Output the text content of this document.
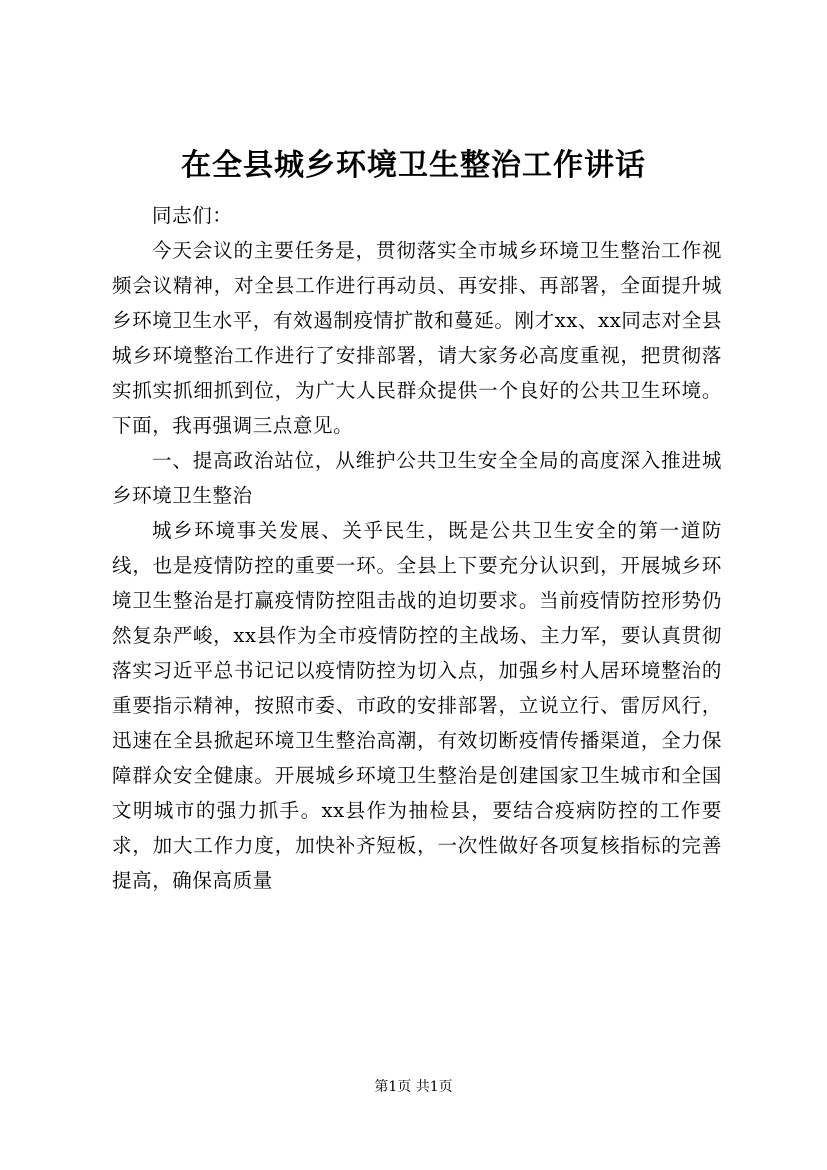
在全县城乡环境卫生整治工作讲话

同志们：

今天会议的主要任务是，贯彻落实全市城乡环境卫生整治工作视频会议精神，对全县工作进行再动员、再安排、再部署，全面提升城乡环境卫生水平，有效遏制疫情扩散和蔓延。刚才xx、xx同志对全县城乡环境整治工作进行了安排部署，请大家务必高度重视，把贯彻落实抓实抓细抓到位，为广大人民群众提供一个良好的公共卫生环境。下面，我再强调三点意见。

一、提高政治站位，从维护公共卫生安全全局的高度深入推进城乡环境卫生整治

城乡环境事关发展、关乎民生，既是公共卫生安全的第一道防线，也是疫情防控的重要一环。全县上下要充分认识到，开展城乡环境卫生整治是打赢疫情防控阻击战的迫切要求。当前疫情防控形势仍然复杂严峻，xx县作为全市疫情防控的主战场、主力军，要认真贯彻落实习近平总书记记以疫情防控为切入点，加强乡村人居环境整治的重要指示精神，按照市委、市政的安排部署，立说立行、雷厉风行，迅速在全县掀起环境卫生整治高潮，有效切断疫情传播渠道，全力保障群众安全健康。开展城乡环境卫生整治是创建国家卫生城市和全国文明城市的强力抓手。xx县作为抽检县，要结合疫病防控的工作要求，加大工作力度，加快补齐短板，一次性做好各项复核指标的完善提高，确保高质量

第1页 共1页
